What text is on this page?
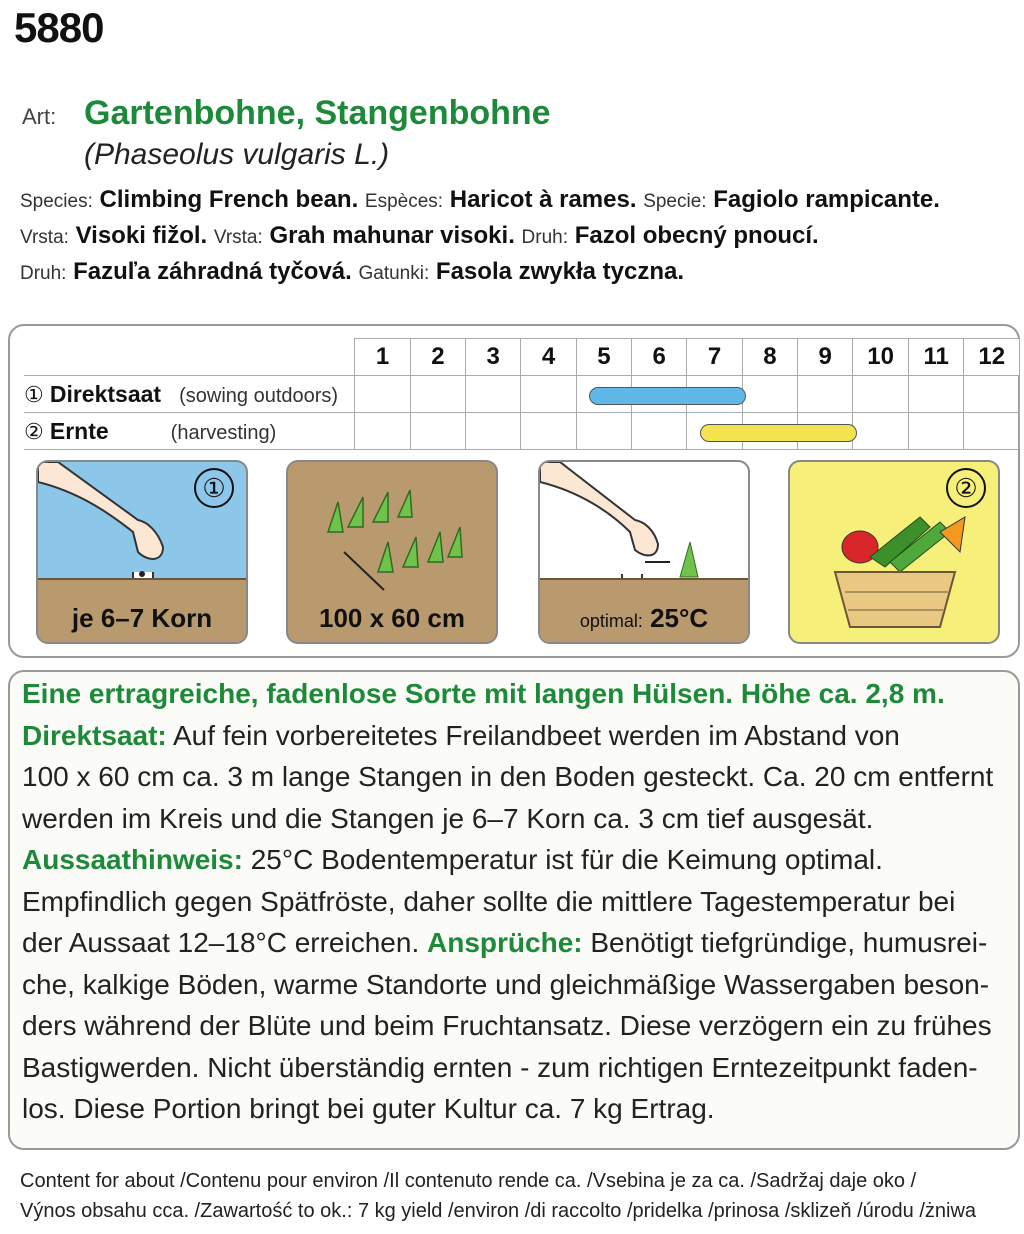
5880
Art: Gartenbohne, Stangenbohne
(Phaseolus vulgaris L.)
Species: Climbing French bean. Espèces: Haricot à rames. Specie: Fagiolo rampicante.
Vrsta: Visoki fižol. Vrsta: Grah mahunar visoki. Druh: Fazol obecný pnoucí.
Druh: Fazuľa záhradná tyčová. Gatunki: Fasola zwykła tyczna.
	1	2	3	4	5	6	7	8	9	10	11	12
① Direktsaat (sowing outdoors)												
② Ernte (harvesting)												
①
je 6–7 Korn	100 x 60 cm	optimal: 25°C
②
Eine ertragreiche, fadenlose Sorte mit langen Hülsen. Höhe ca. 2,8 m.
Direktsaat: Auf fein vorbereitetes Freilandbeet werden im Abstand von
100 x 60 cm ca. 3 m lange Stangen in den Boden gesteckt. Ca. 20 cm entfernt
werden im Kreis und die Stangen je 6–7 Korn ca. 3 cm tief ausgesät.
Aussaathinweis: 25°C Bodentemperatur ist für die Keimung optimal.
Empfindlich gegen Spätfröste, daher sollte die mittlere Tagestemperatur bei
der Aussaat 12–18°C erreichen. Ansprüche: Benötigt tiefgründige, humusrei-
che, kalkige Böden, warme Standorte und gleichmäßige Wassergaben beson-
ders während der Blüte und beim Fruchtansatz. Diese verzögern ein zu frühes
Bastigwerden. Nicht überständig ernten - zum richtigen Erntezeitpunkt faden-
los. Diese Portion bringt bei guter Kultur ca. 7 kg Ertrag.
Content for about /Contenu pour environ /Il contenuto rende ca. /Vsebina je za ca. /Sadržaj daje oko /
Výnos obsahu cca. /Zawartość to ok.: 7 kg yield /environ /di raccolto /pridelka /prinosa /sklizeň /úrodu /żniwa
